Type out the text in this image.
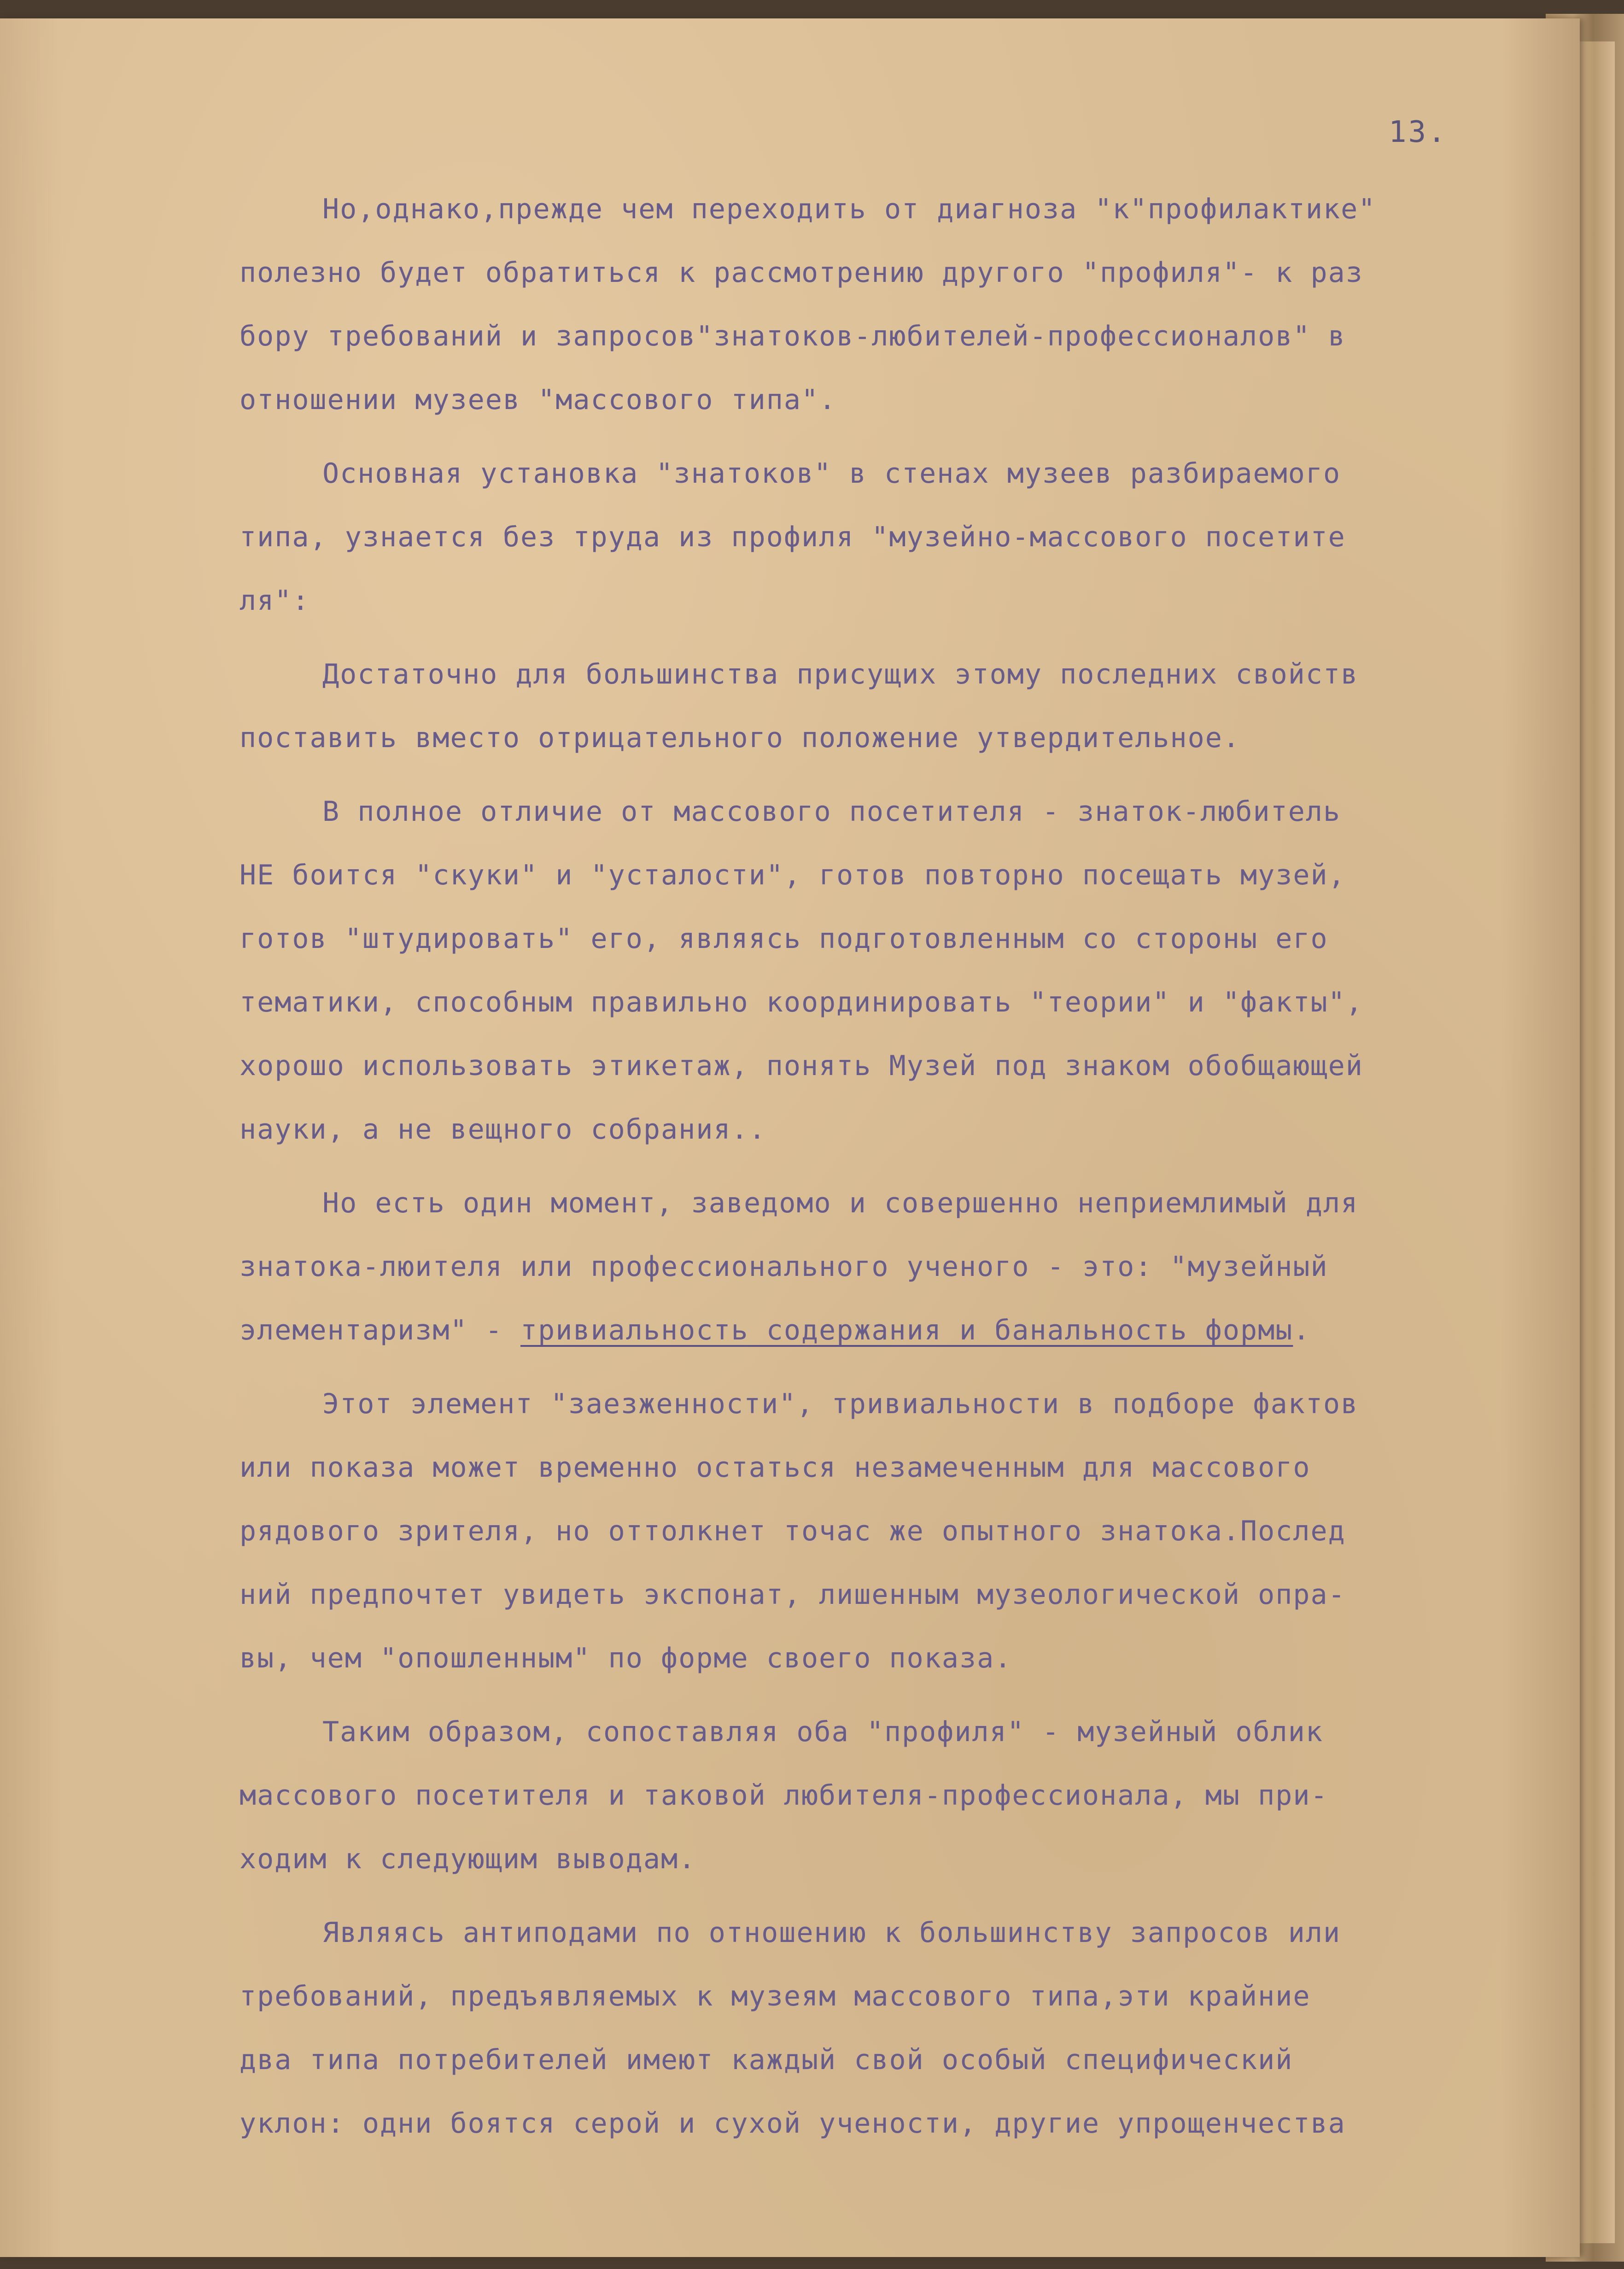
13.
Но,однако,прежде чем переходить от диагноза "к"профилактике"
полезно будет обратиться к рассмотрению другого "профиля"- к раз
бору требований и запросов"знатоков-любителей-профессионалов" в
отношении музеев "массового типа".
Основная установка "знатоков" в стенах музеев разбираемого
типа, узнается без труда из профиля "музейно-массового посетите
ля":
Достаточно для большинства присущих этому последних свойств
поставить вместо отрицательного положение утвердительное.
В полное отличие от массового посетителя - знаток-любитель
НЕ боится "скуки" и "усталости", готов повторно посещать музей,
готов "штудировать" его, являясь подготовленным со стороны его
тематики, способным правильно координировать "теории" и "факты",
хорошо использовать этикетаж, понять Музей под знаком обобщающей
науки, а не вещного собрания..
Но есть один момент, заведомо и совершенно неприемлимый для
знатока-люителя или профессионального ученого - это: "музейный
элементаризм" - тривиальность содержания и банальность формы.
Этот элемент "заезженности", тривиальности в подборе фактов
или показа может временно остаться незамеченным для массового
рядового зрителя, но оттолкнет точас же опытного знатока.Послед
ний предпочтет увидеть экспонат, лишенным музеологической опра-
вы, чем "опошленным" по форме своего показа.
Таким образом, сопоставляя оба "профиля" - музейный облик
массового посетителя и таковой любителя-профессионала, мы при-
ходим к следующим выводам.
Являясь антиподами по отношению к большинству запросов или
требований, предъявляемых к музеям массового типа,эти крайние
два типа потребителей имеют каждый свой особый специфический
уклон: одни боятся серой и сухой учености, другие упрощенчества
